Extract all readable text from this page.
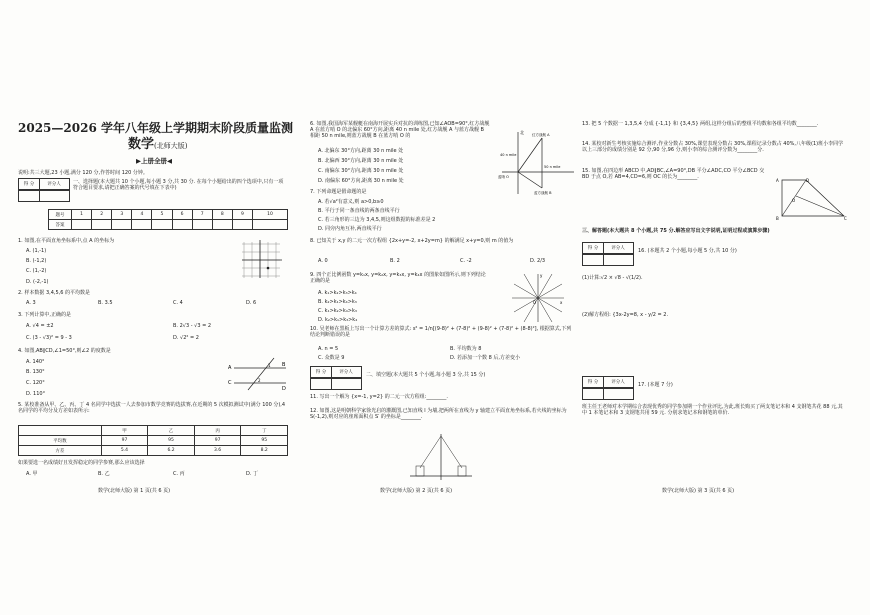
2025—2026 学年八年级上学期期末阶段质量监测
数学(北师大版)
▶上册全册◀
说明:共三大题,23 小题,满分 120 分,作答时间 120 分钟。
得 分	评分人	一、选择题(本大题共 10 个小题,每小题 3 分,共 30 分. 在每个小题给出的四个选项中,只有一项符合题目要求,请把正确答案的代号填在下表中)
题号	1	2	3	4	5	6	7	8	9	10
答案										
1. 如图,在平面直角坐标系中,点 A 的坐标为
A. (1,-1)
B. (-1,2)
C. (1,-2)
D. (-2,-1)
2. 样本数据 3,4,5,6 的平均数是
A. 3	B. 3.5	C. 4	D. 6
3. 下列计算中,正确的是
A. √4 = ±2	B. 2√3 - √3 = 2
C. (3 - √3)² = 9 - 3	D. √2² = 2
4. 如图,AB∥CD,∠1=50°,则∠2 的度数是
A. 140°
B. 130°
C. 120°
D. 110°
A	B
C
D
1
2
5. 某校准备从甲、乙、丙、丁 4 名同学中选拔一人去参加市数学竞赛的选拔赛,在近期的 5 次模拟测试中(满分 100 分),4 名同学的平均分及方差如表所示:
	甲	乙	丙	丁
平均数	97	95	97	95
方差	5.4	6.2	3.6	8.2
如果要选一名成绩好且发挥稳定的同学参赛,那么应该选择
A. 甲	B. 乙	C. 丙	D. 丁
数学(北师大版) 第 1 页(共 6 页)
6. 如图,我国海军某舰艇在南海开展实兵对抗的训练图,已知∠AOB=90°,红方战舰 A 在蓝方哨 O 的北偏东 60°方向,距离 40 n mile 处,红方战舰 A 与蓝方战舰 B 相距 50 n mile,则蓝方战舰 B 在蓝方哨 O 的
A. 北偏东 30°方向,距离 30 n mile 处
B. 北偏西 30°方向,距离 30 n mile 处
C. 南偏东 30°方向,距离 30 n mile 处
D. 南偏东 60°方向,距离 30 n mile 处
北 红方战舰 A
40 n mile
蓝哨 O
50 n mile
蓝方战舰 B
7. 下列命题是假命题的是
A. 若√a²有意义,则 a>0,b≥0
B. 平行于同一条直线的两条直线平行
C. 若三角形的三边为 3,4,5,则这组数据的标准差是 2
D. 同旁内角互补,两直线平行
8. 已知关于 x,y 的二元一次方程组 {2x+y=-2, x+2y=m} 的解满足 x+y=0,则 m 的值为
A. 0	B. 2	C. -2	D. 2/3
9. 四个正比例函数 y=k₁x, y=k₂x, y=k₃x, y=k₄x 的图象如图所示,则下列结论正确的是
A. k₁>k₂>k₃>k₄
B. k₂>k₁>k₄>k₃
C. k₁>k₂>k₄>k₃
D. k₂>k₁>k₃>k₄
x
y
O
10. 吴老师在黑板上写出一个计算方差的算式: s² = 1/n[(9-8)² + (7-8)² + (9-8)² + (7-8)² + (8-8)²], 根据算式,下列结论判断错误的是
A. n = 5	B. 平均数为 8
C. 众数是 9	D. 若添加一个数 8 后,方差变小
得 分	评分人	二、填空题(本大题共 5 个小题,每小题 3 分,共 15 分)
11. 写出一个解为 {x=-1, y=2} 的二元一次方程组:________.
12. 如图,这是明朝科学家徐光启的灌溉图,已知直线 l 为墙,把两所在直线为 y 轴建立平面直角坐标系,若火线的坐标为 S(-1,2),则对应的座席面积点 S′ 的坐标是________.
数学(北师大版) 第 2 页(共 6 页)
13. 把 5 个数据一 1,3,5,4 分成 {-1,1} 和 {3,4,5} 两组,这样分组后的整组平均数和各组平均数________.
14. 某校对新生考核实施综合测评,作业分数占 30%,课堂表现分数占 30%,课程记录分数占 40%,八年级(1)班小李同学以上三部分的成绩分别是 92 分,90 分,96 分,则小李的综合测评分数为________分.
15. 如图,在四边形 ABCD 中,AD∥BC,∠A=90°,DB 平分∠ADC,CO 平分∠BCD 交 BD 于点 O,若 AB=4,CD=6,则 OC 的长为________.
A
B	C
D
O
三、解答题(本大题共 8 个小题,共 75 分.解答应写出文字说明,证明过程或演算步骤)
得 分	评分人	16. (本题共 2 个小题,每小题 5 分,共 10 分)
(1)计算:√2 × √8 - √(1/2).
(2)解方程组: {3x-2y=8, x - y/2 = 2.
得 分	评分人	17. (本题 7 分)
班主任王老师对本学期综合表现优秀的同学参加期一个作业评比,为此,班长购买了两支笔记本和 4 支钢笔共花 88 元,其中 1 本笔记本和 3 支钢笔共用 59 元. 分别求笔记本和钢笔的单价.
数学(北师大版) 第 3 页(共 6 页)
